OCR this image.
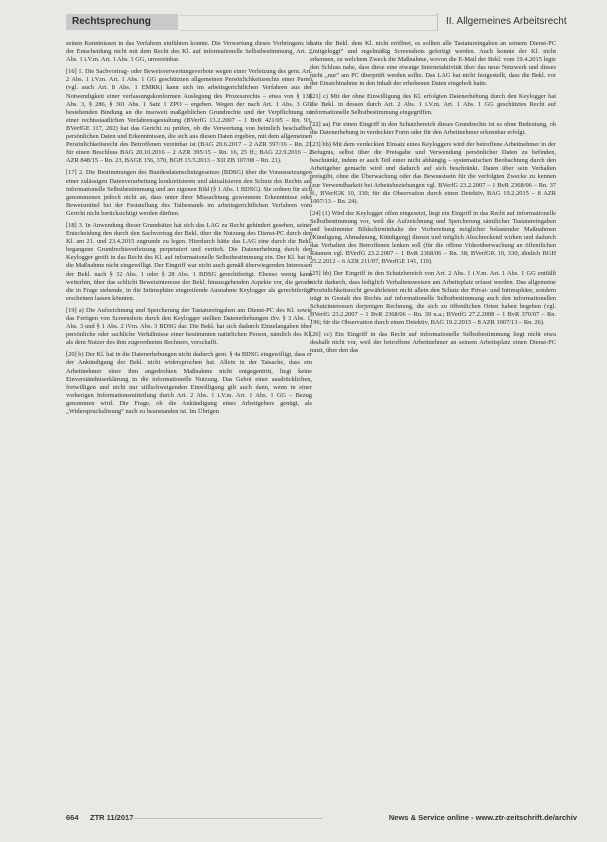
Rechtsprechung	II. Allgemeines Arbeitsrecht

seinen Kenntnissen in das Verfahren einführen konnte. Die Verwertung dieses Vorbringens ist der Entscheidung nicht mit dem Recht des Kl. auf informationelle Selbstbestimmung, Art. 2 Abs. 1 i.V.m. Art. 1 Abs. 1 GG, unvereinbar.

[16] 1. Die Sachvortrag- oder Beweisverwertungsverbote wegen einer Verletzung des gem. Art. 2 Abs. 1 i.V.m. Art. 1 Abs. 1 GG geschützten allgemeinen Persönlichkeitsrechts einer Partei (vgl. auch Art. 8 Abs. 1 EMRK) kann sich im arbeitsgerichtlichen Verfahren aus der Notwendigkeit einer verfassungskonformen Auslegung des Prozessrechts – etwa von § 138 Abs. 3, § 286, § 301 Abs. 1 Satz 1 ZPO – ergeben. Wegen der nach Art. 1 Abs. 3 GG bestehenden Bindung an die insoweit maßgeblichen Grundrechte und der Verpflichtung zu einer rechtsstaatlichen Verfahrensgestaltung (BVerfG 13.2.2007 – 1 BvR 421/05 – Rn. 93, BVerfGE 117, 202) hat das Gericht zu prüfen, ob die Verwertung von heimlich beschafften persönlichen Daten und Erkenntnissen, die sich aus diesen Daten ergeben, mit dem allgemeinen Persönlichkeitsrecht des Betroffenen vereinbar ist (BAG 20.6.2017 – 2 AZR 597/16 – Rn. 21 für einen Beschluss BAG 20.10.2016 – 2 AZR 395/15 – Rn. 16, 25 ff.; BAG 22.9.2016 – 2 AZR 848/15 – Rn. 23, BAGE 156, 370, BGH 15.5.2013 – XII ZB 107/08 – Rn. 21).

[17] 2. Die Bestimmungen des Bundesdatenschutzgesetzes (BDSG) über die Voraussetzungen einer zulässigen Datenverarbeitung konkretisieren und aktualisieren den Schutz des Rechts auf informationelle Selbstbestimmung und am eigenen Bild (§ 1 Abs. 1 BDSG). Sie ordnen für sich genommenen jedoch nicht an, dass unter ihrer Missachtung gewonnene Erkenntnisse oder Beweismittel bei der Feststellung des Tatbestands im arbeitsgerichtlichen Verfahren vom Gericht nicht berücksichtigt werden dürften.

[18] 3. In Anwendung dieser Grundsätze hat sich das LAG zu Recht gehindert gesehen, seiner Entscheidung den durch den Sachvortrag der Bekl. über die Nutzung des Dienst-PC durch den Kl. am 21. und 23.4.2015 zugrunde zu legen. Hierdurch hätte das LAG eine durch die Bekl. begangene Grundrechtsverletzung perpetuiert und vertieft. Die Datenerhebung durch den Keylogger greift in das Recht des Kl. auf informationelle Selbstbestimmung ein. Der Kl. hat in die Maßnahme nicht eingewilligt. Der Eingriff war nicht auch gemäß überwiegenden Interessen der Bekl. nach § 32 Abs. 1 oder § 28 Abs. 1 BDSG gerechtfertigt. Ebenso wenig kann weiterhin, über das schlicht Beweisinteresse der Bekl. hinausgehenden Aspekte vor, die gerade die in Frage stehende, in die Intimsphäre eingreifende Ausnahme Keylogger als gerechtfertigt erscheinen lassen könnten.

[19] a) Die Aufzeichnung und Speicherung der Tastatureingaben am Dienst-PC des Kl. sowie das Fertigen von Screenshots durch den Keylogger stellten Datenerhebungen iSv. § 3 Abs. 1, Abs. 3 und § 1 Abs. 2 iVm. Abs. 3 BDSG dar. Die Bekl. hat sich dadurch Einzelangaben über persönliche oder sachliche Verhältnisse einer bestimmten natürlichen Person, nämlich des Kl. als dem Nutzer des ihm zugeordneten Rechners, verschafft.

[20] b) Der Kl. hat in die Datenerhebungen nicht dadurch gem. § 4a BDSG eingewilligt, dass er der Ankündigung der Bekl. nicht widersprochen hat. Allein in der Tatsache, dass ein Arbeitnehmer einer ihm angedrohten Maßnahme nicht entgegentritt, liegt keine Einverständniserklärung in die informationelle Nutzung. Das Gebot einer ausdrücklichen, freiwilligen und nicht nur stillschweigenden Einwilligung gilt auch dann, wenn in einer vorherigen Informationsmitteilung durch Art. 2 Abs. 1 i.V.m. Art. 1 Abs. 1 GG – Bezug genommen wird. Die Frage, ob die Ankündigung eines Arbeitgebers genügt, als „Widerspruchslösung“ nach zu beanstanden ist. Im Übrigen

hatte die Bekl. dem Kl. nicht eröffnet, es sollten alle Tastatureingaben an seinem Dienst-PC „mitgeloggt“ und regelmäßig Screenshots gefertigt werden. Auch konnte der Kl. nicht erkennen, zu welchem Zweck die Maßnahme, wovon die E-Mail der Bekl. vom 19.4.2015 legte den Schluss nahe, dass diese eine etwaige Internetaktivität über das neue Netzwerk und dieses nicht „nur“ am PC überprüft werden sollte. Das LAG hat nicht festgestellt, dass die Bekl. vor der Einsichtnahme in den Inhalt der erhobenen Daten eingeholt hatte.

[21] c) Mit der ohne Einwilligung des Kl. erfolgten Datenerhebung durch den Keylogger hat die Bekl. in dessen durch Art. 2 Abs. 1 i.V.m. Art. 1 Abs. 1 GG geschütztes Recht auf informationelle Selbstbestimmung eingegriffen.

[22] aa) Für einen Eingriff in den Schutzbereich dieses Grundrechts ist es ohne Bedeutung, ob die Datenerhebung in verdeckter Form oder für den Arbeitnehmer erkennbar erfolgt.

[23] bb) Mit dem verdeckten Einsatz eines Keyloggers wird der betroffene Arbeitnehmer in der Befugnis, selbst über die Preisgabe und Verwendung persönlicher Daten zu befinden, beschränkt, indem er auch Teil einer nicht abhängig – systematischen Beobachtung durch den Arbeitgeber gemacht wird und dadurch auf sich beschränkt. Daten über sein Verhalten preisgibt, ohne die Überwachung oder das Bewusstsein für die verfolgten Zwecke zu kennen (zur Verwendbarkeit bei Arbeitsbeziehungen vgl. BVerfG 23.2.2007 – 1 BvR 2368/06 – Rn. 37 ff., BVerfGK 10, 330; für die Observation durch einen Detektiv, BAG 19.2.2015 – 8 AZR 1007/13 – Rn. 24).

[24] (1) Wird der Keylogger offen eingesetzt, liegt ein Eingriff in das Recht auf informationelle Selbstbestimmung vor, weil die Aufzeichnung und Speicherung sämtlicher Tastatureingaben und bestimmter Bildschirminhalte der Vorbereitung möglicher belastender Maßnahmen (Kündigung, Abmahnung, Kündigung) dienen und möglich Abschreckend wirken und dadurch das Verhalten des Betroffenen lenken soll (für die offene Videoüberwachung an öffentlichen Räumen vgl. BVerfG 23.2.2007 – 1 BvR 2368/06 – Rn. 38; BVerfGK 10, 330; ähnlich BGH 25.2.2012 – 6 AZR 211/07, BVerfGE 141, 119).

[25] bb) Der Eingriff in den Schutzbereich von Art. 2 Abs. 1 i.V.m. Art. 1 Abs. 1 GG entfällt nicht dadurch, dass lediglich Verhaltensweisen am Arbeitsplatz erfasst werden. Das allgemeine Persönlichkeitsrecht gewährleistet nicht allein den Schutz der Privat- und Intimsphäre, sondern trägt in Gestalt des Rechts auf informationelle Selbstbestimmung auch den informationellen Schutzinteressen derjenigen Rechnung, die sich zu öffentlichen Orten haben begeben (vgl. BVerfG 23.2.2007 – 1 BvR 2368/06 – Rn. 39 u.a.; BVerfG 27.2.2008 – 1 BvR 370/07 – Rn. 196; für die Observation durch einen Detektiv, BAG 19.2.2015 – 8 AZR 1007/13 – Rn. 26).

[26] cc) Ein Eingriff in das Recht auf informationelle Selbstbestimmung liegt nicht etwa deshalb nicht vor, weil der betroffene Arbeitnehmer an seinem Arbeitsplatz einen Dienst-PC nutzt, über den das

664 ZTR 11/2017	News & Service online - www.ztr-zeitschrift.de/archiv
